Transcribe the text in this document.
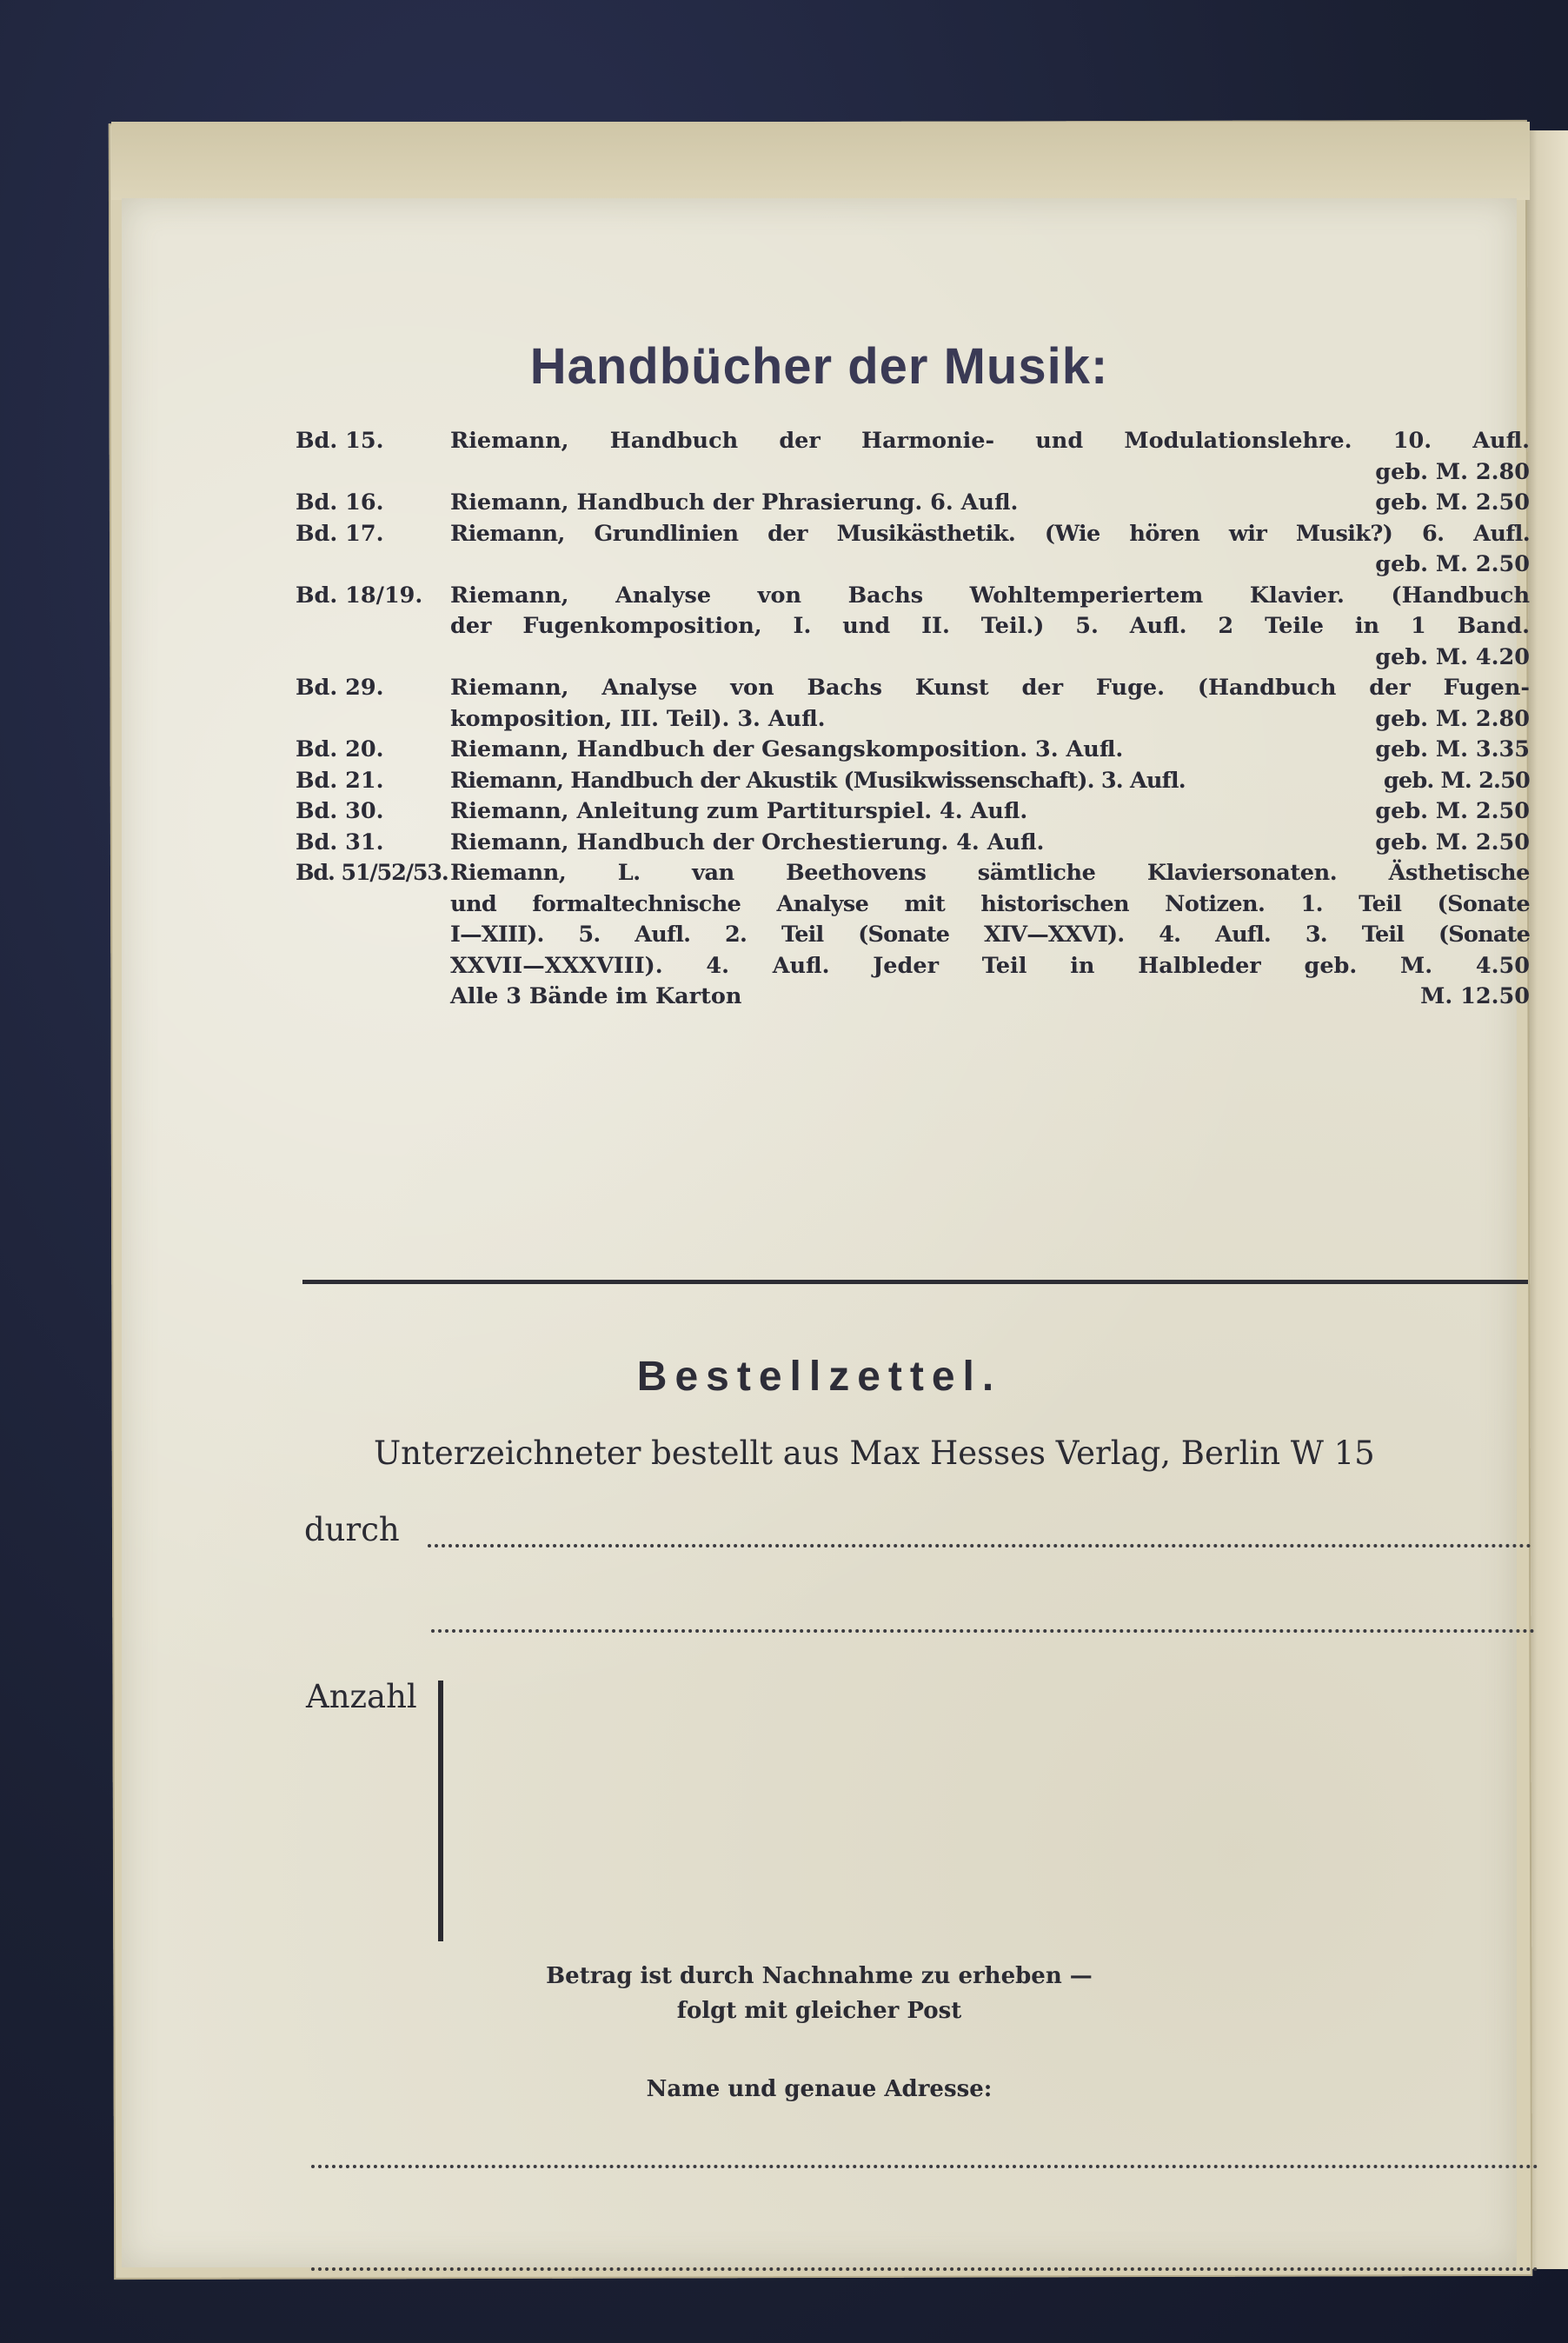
Handbücher der Musik:
Bd. 15.	Riemann, Handbuch der Harmonie- und Modulationslehre. 10. Aufl.
geb. M. 2.80
Bd. 16.	Riemann, Handbuch der Phrasierung. 6. Aufl.	geb. M. 2.50
Bd. 17.	Riemann, Grundlinien der Musikästhetik. (Wie hören wir Musik?) 6. Aufl.
geb. M. 2.50
Bd. 18/19.	Riemann, Analyse von Bachs Wohltemperiertem Klavier. (Handbuch
der Fugenkomposition, I. und II. Teil.) 5. Aufl. 2 Teile in 1 Band.
geb. M. 4.20
Bd. 29.	Riemann, Analyse von Bachs Kunst der Fuge. (Handbuch der Fugen-
komposition, III. Teil). 3. Aufl.	geb. M. 2.80
Bd. 20.	Riemann, Handbuch der Gesangskomposition. 3. Aufl.	geb. M. 3.35
Bd. 21.	Riemann, Handbuch der Akustik (Musikwissenschaft). 3. Aufl.	geb. M. 2.50
Bd. 30.	Riemann, Anleitung zum Partiturspiel. 4. Aufl.	geb. M. 2.50
Bd. 31.	Riemann, Handbuch der Orchestierung. 4. Aufl.	geb. M. 2.50
Bd. 51/52/53. Riemann, L. van Beethovens sämtliche Klaviersonaten. Ästhetische
und formaltechnische Analyse mit historischen Notizen. 1. Teil (Sonate
I—XIII). 5. Aufl. 2. Teil (Sonate XIV—XXVI). 4. Aufl. 3. Teil (Sonate
XXVII—XXXVIII). 4. Aufl. Jeder Teil in Halbleder geb. M. 4.50
Alle 3 Bände im Karton	M. 12.50
Bestellzettel.
Unterzeichneter bestellt aus Max Hesses Verlag, Berlin W 15
durch
Anzahl
Betrag ist durch Nachnahme zu erheben —
folgt mit gleicher Post
Name und genaue Adresse:
